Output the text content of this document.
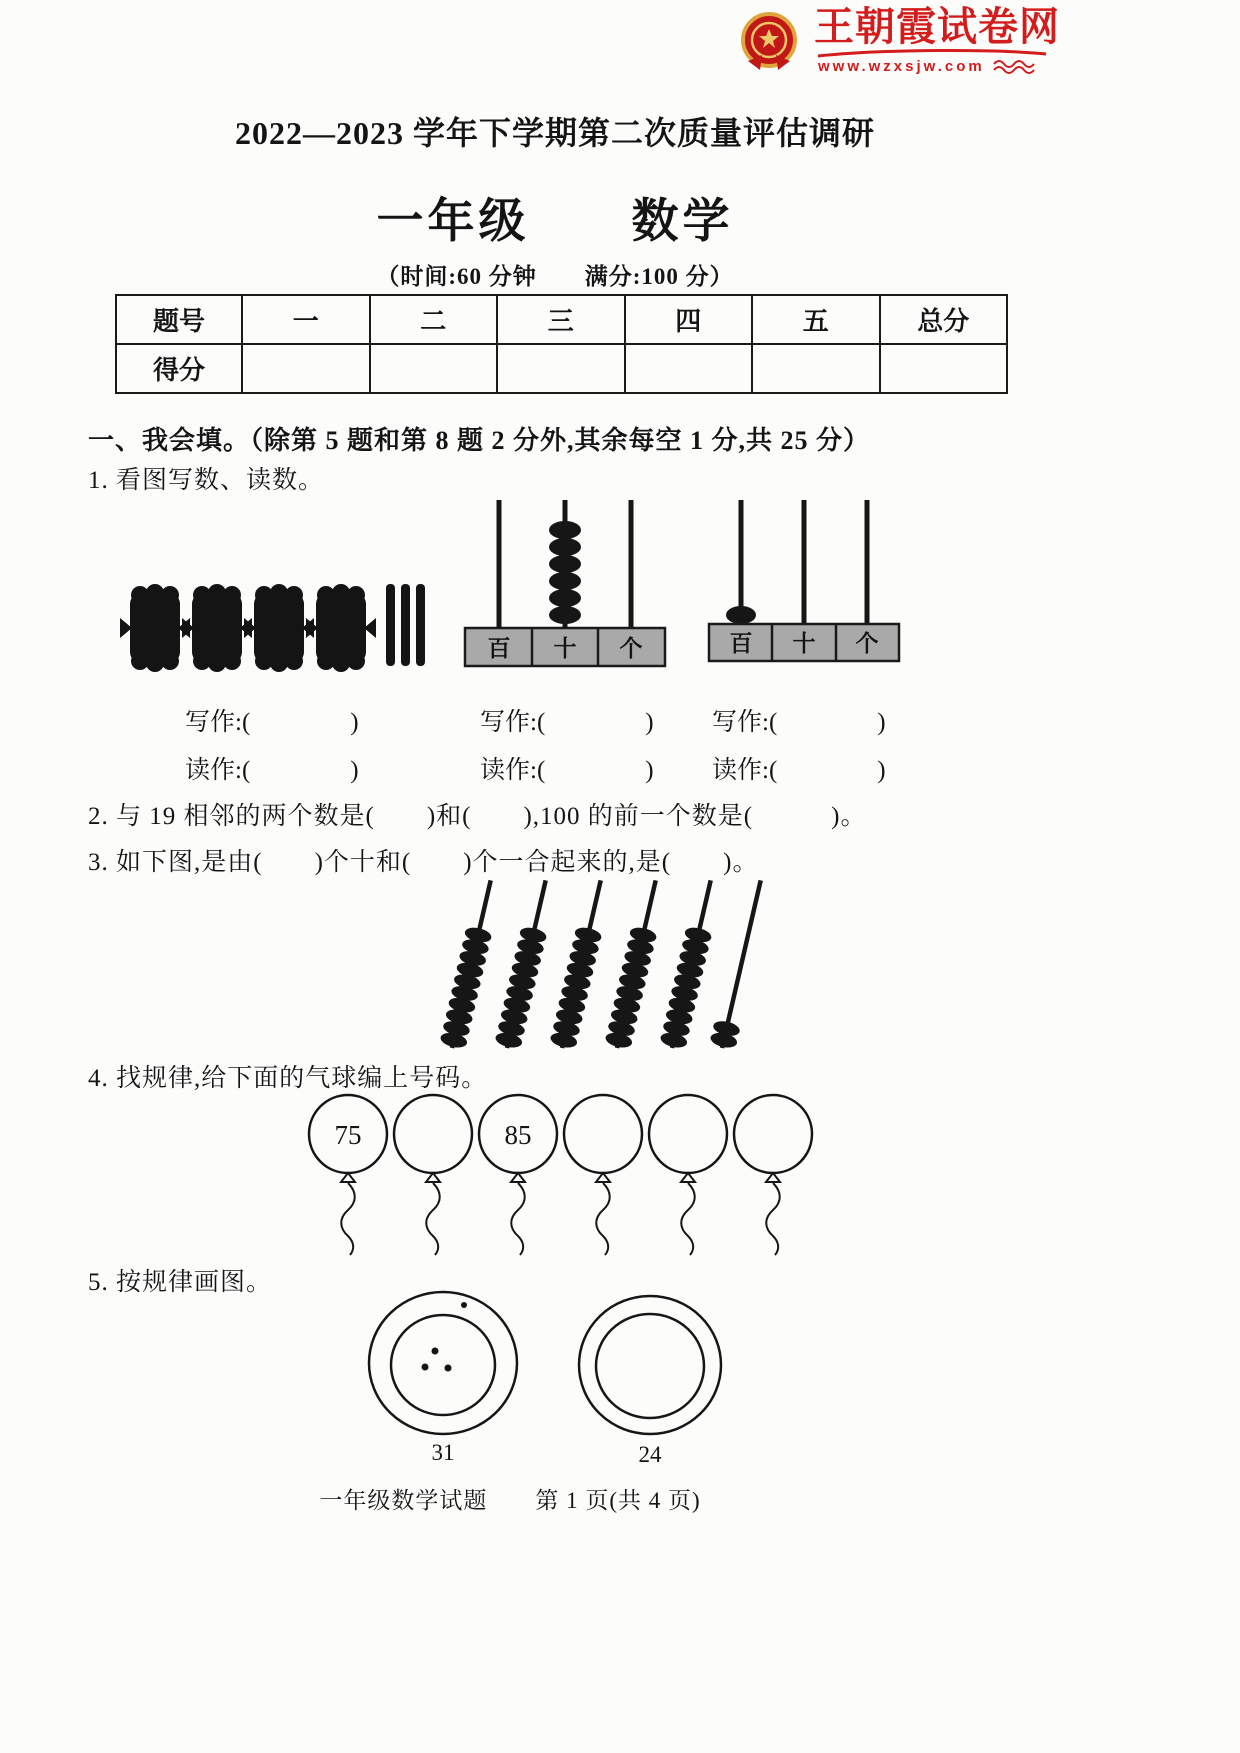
王朝霞试卷网
www.wzxsjw.com
2022—2023 学年下学期第二次质量评估调研
一年级　　数学
（时间:60 分钟　　满分:100 分）
题号	一	二	三	四	五	总分
得分						
一、我会填。（除第 5 题和第 8 题 2 分外,其余每空 1 分,共 25 分）
1. 看图写数、读数。
百 十 个	百 十 个
写作:(　　　　)	写作:(　　　　) 写作:(　　　　)
读作:(　　　　)	读作:(　　　　) 读作:(　　　　)
2. 与 19 相邻的两个数是(　　)和(　　),100 的前一个数是(　　　)。
3. 如下图,是由(　　)个十和(　　)个一合起来的,是(　　)。
4. 找规律,给下面的气球编上号码。
75	85
5. 按规律画图。
31	24
一年级数学试题　　第 1 页(共 4 页)
